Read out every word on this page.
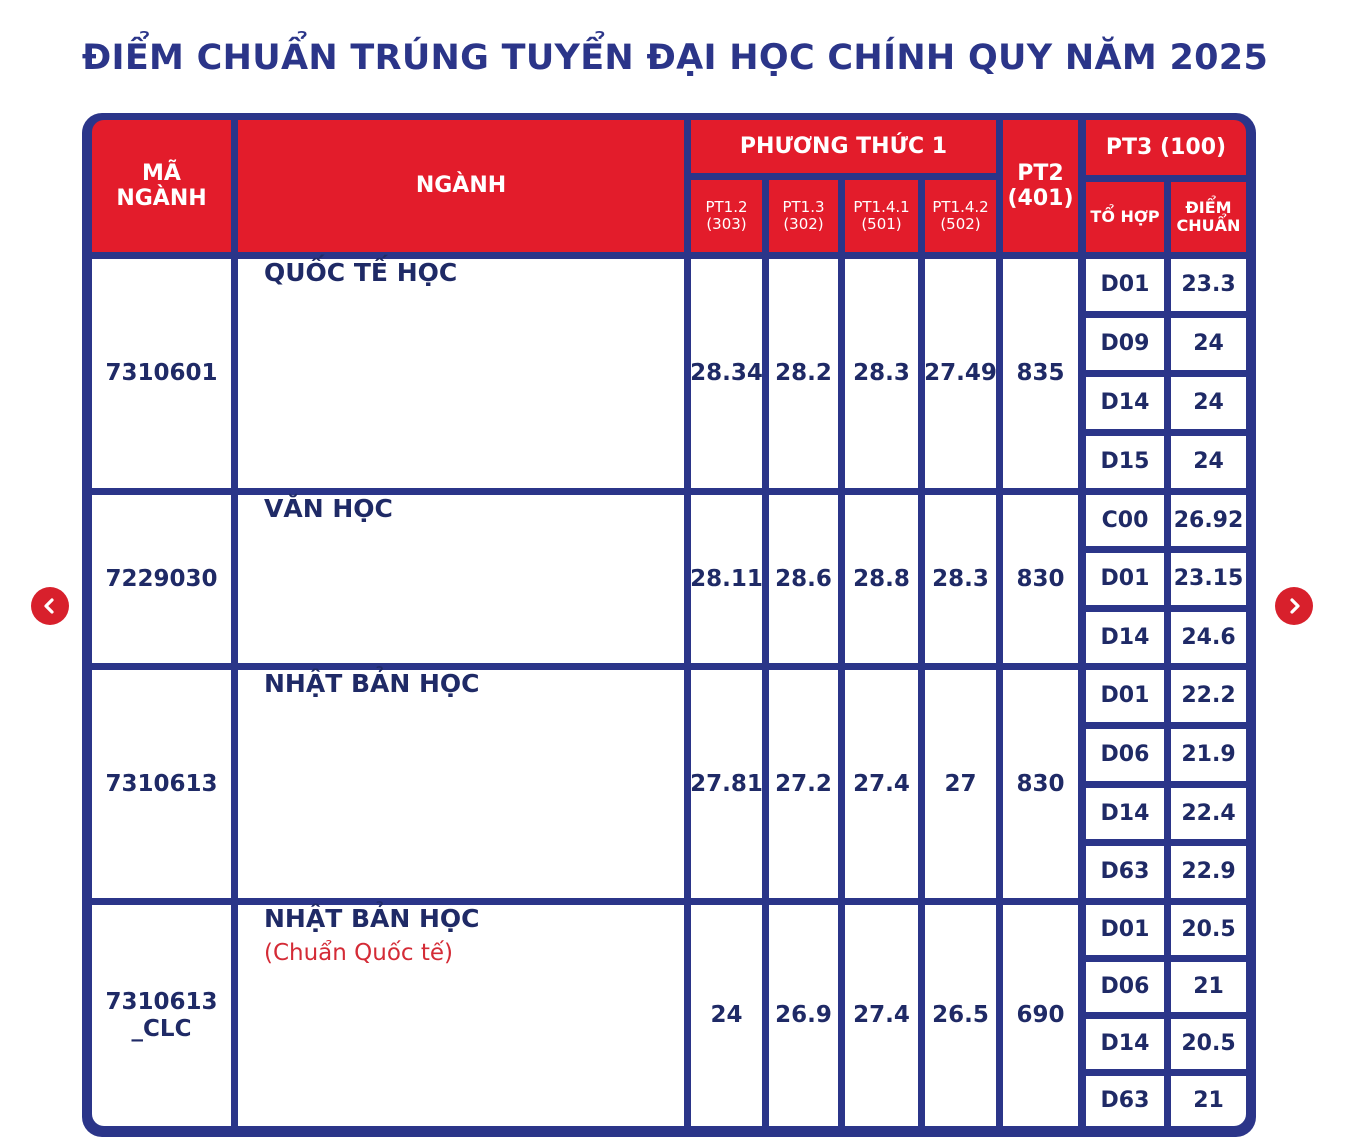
ĐIỂM CHUẨN TRÚNG TUYỂN ĐẠI HỌC CHÍNH QUY NĂM 2025
MÃ
NGÀNH
NGÀNH
PHƯƠNG THỨC 1
PT1.2
(303)
PT1.3
(302)
PT1.4.1
(501)
PT1.4.2
(502)
PT2
(401)
PT3 (100)
TỔ HỢP ĐIỂM
CHUẨN
7310601
QUỐC TẾ HỌC
28.34 28.2 28.3 27.49 835
D01 23.3
D09 24
D14 24
D15 24
7229030
VĂN HỌC
28.11 28.6 28.8 28.3 830
C00 26.92
D01 23.15
D14 24.6
7310613
NHẬT BẢN HỌC
27.81 27.2 27.4 27 830
D01 22.2
D06 21.9
D14 22.4
D63 22.9
7310613
_CLC
NHẬT BẢN HỌC
(Chuẩn Quốc tế)
24 26.9 27.4 26.5 690
D01 20.5
D06 21
D14 20.5
D63 21
